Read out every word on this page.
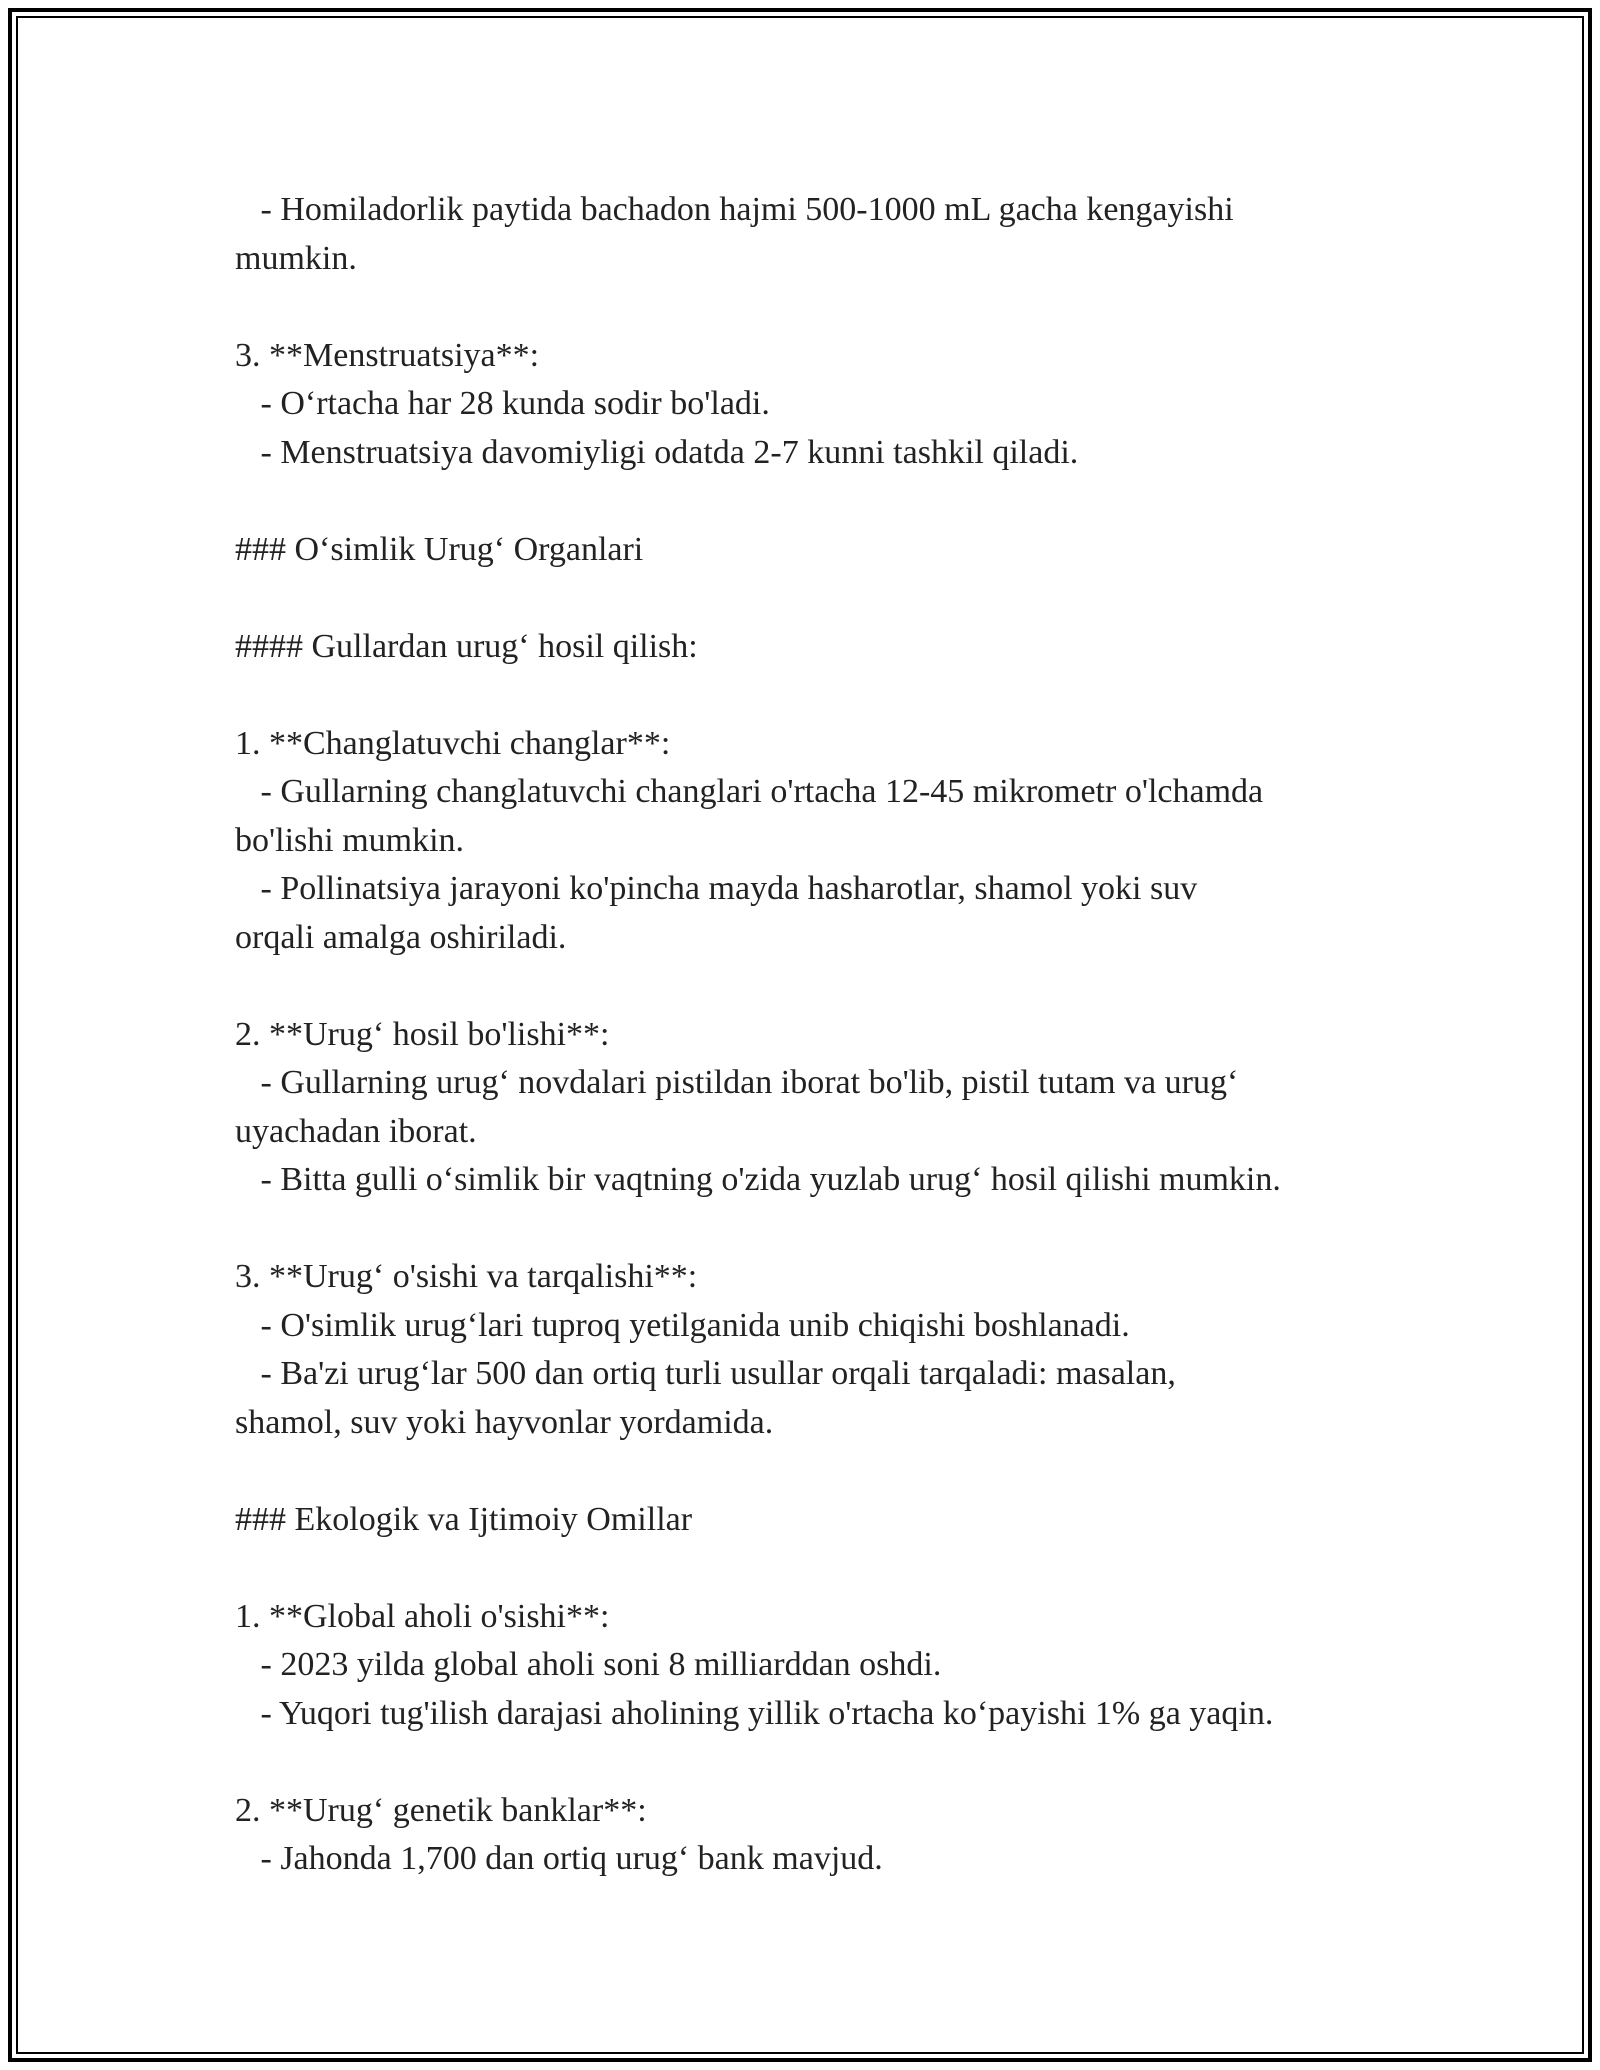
- Homiladorlik paytida bachadon hajmi 500-1000 mL gacha kengayishi
mumkin.
3. **Menstruatsiya**:
- O‘rtacha har 28 kunda sodir bo'ladi.
- Menstruatsiya davomiyligi odatda 2-7 kunni tashkil qiladi.
### O‘simlik Urug‘ Organlari
#### Gullardan urug‘ hosil qilish:
1. **Changlatuvchi changlar**:
- Gullarning changlatuvchi changlari o'rtacha 12-45 mikrometr o'lchamda
bo'lishi mumkin.
- Pollinatsiya jarayoni ko'pincha mayda hasharotlar, shamol yoki suv
orqali amalga oshiriladi.
2. **Urug‘ hosil bo'lishi**:
- Gullarning urug‘ novdalari pistildan iborat bo'lib, pistil tutam va urug‘
uyachadan iborat.
- Bitta gulli o‘simlik bir vaqtning o'zida yuzlab urug‘ hosil qilishi mumkin.
3. **Urug‘ o'sishi va tarqalishi**:
- O'simlik urug‘lari tuproq yetilganida unib chiqishi boshlanadi.
- Ba'zi urug‘lar 500 dan ortiq turli usullar orqali tarqaladi: masalan,
shamol, suv yoki hayvonlar yordamida.
### Ekologik va Ijtimoiy Omillar
1. **Global aholi o'sishi**:
- 2023 yilda global aholi soni 8 milliarddan oshdi.
- Yuqori tug'ilish darajasi aholining yillik o'rtacha ko‘payishi 1% ga yaqin.
2. **Urug‘ genetik banklar**:
- Jahonda 1,700 dan ortiq urug‘ bank mavjud.
